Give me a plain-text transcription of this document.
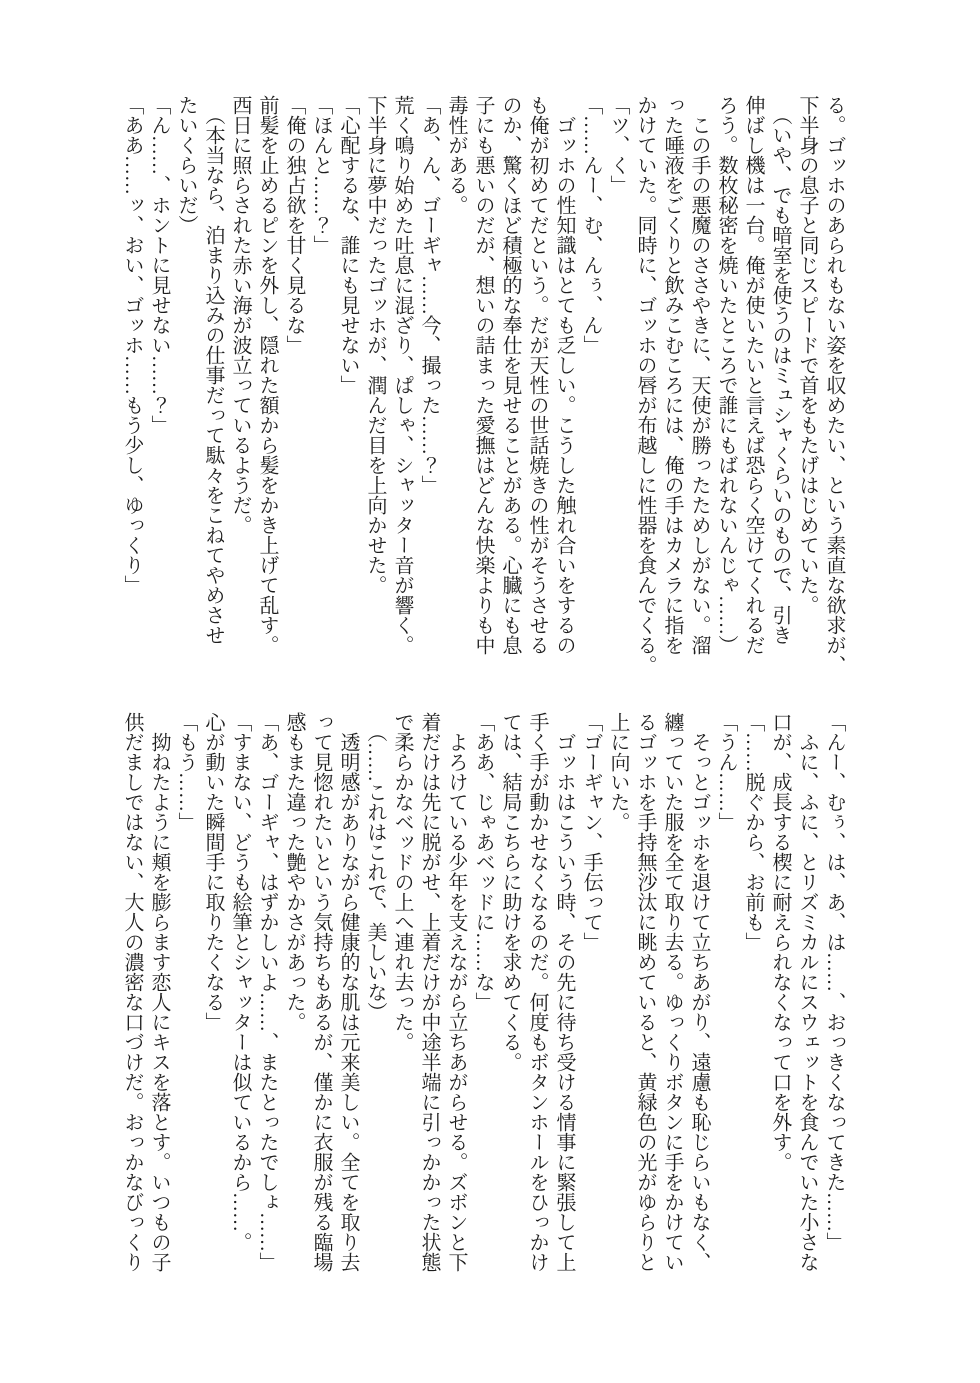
る。ゴッホのあられもない姿を収めたい、という素直な欲求が、
下半身の息子と同じスピードで首をもたげはじめていた。
　（いや、でも暗室を使うのはミュシャくらいのもので、引き
伸ばし機は一台。俺が使いたいと言えば恐らく空けてくれるだ
ろう。数枚秘密を焼いたところで誰にもばれないんじゃ……）
　この手の悪魔のささやきに、天使が勝ったためしがない。溜
った唾液をごくりと飲みこむころには、俺の手はカメラに指を
かけていた。同時に、ゴッホの唇が布越しに性器を食んでくる。
「ツ、く」
「……んー、む、んぅ、ん」
　ゴッホの性知識はとても乏しい。こうした触れ合いをするの
も俺が初めてだという。だが天性の世話焼きの性がそうさせる
のか、驚くほど積極的な奉仕を見せることがある。心臓にも息
子にも悪いのだが、想いの詰まった愛撫はどんな快楽よりも中
毒性がある。
「あ、ん、ゴーギャ……今、撮った……？」
荒く鳴り始めた吐息に混ざり、ぱしゃ、シャッター音が響く。
下半身に夢中だったゴッホが、潤んだ目を上向かせた。
「心配するな、誰にも見せない」
「ほんと……？」
「俺の独占欲を甘く見るな」
前髪を止めるピンを外し、隠れた額から髪をかき上げて乱す。
西日に照らされた赤い海が波立っているようだ。
　（本当なら、泊まり込みの仕事だって駄々をこねてやめさせ
たいくらいだ）
「ん……、ホントに見せない……？」
「ああ……ッ、おい、ゴッホ……もう少し、ゆっくり」
「んー、むぅ、は、あ、は……、おっきくなってきた……」
　ふに、ふに、とリズミカルにスウェットを食んでいた小さな
口が、成長する楔に耐えられなくなって口を外す。
「……脱ぐから、お前も」
「うん……」
　そっとゴッホを退けて立ちあがり、遠慮も恥じらいもなく、
纏っていた服を全て取り去る。ゆっくりボタンに手をかけてい
るゴッホを手持無沙汰に眺めていると、黄緑色の光がゆらりと
上に向いた。
「ゴーギャン、手伝って」
　ゴッホはこういう時、その先に待ち受ける情事に緊張して上
手く手が動かせなくなるのだ。何度もボタンホールをひっかけ
ては、結局こちらに助けを求めてくる。
「ああ、じゃあベッドに……な」
　よろけている少年を支えながら立ちあがらせる。ズボンと下
着だけは先に脱がせ、上着だけが中途半端に引っかかった状態
で柔らかなベッドの上へ連れ去った。
　（……これはこれで、美しいな）
　透明感がありながら健康的な肌は元来美しい。全てを取り去
って見惚れたいという気持ちもあるが、僅かに衣服が残る臨場
感もまた違った艶やかさがあった。
「あ、ゴーギャ、はずかしいよ……、またとったでしょ……」
「すまない、どうも絵筆とシャッターは似ているから……。
心が動いた瞬間手に取りたくなる」
「もう……」
　拗ねたように頬を膨らます恋人にキスを落とす。いつもの子
供だましではない、大人の濃密な口づけだ。おっかなびっくり
